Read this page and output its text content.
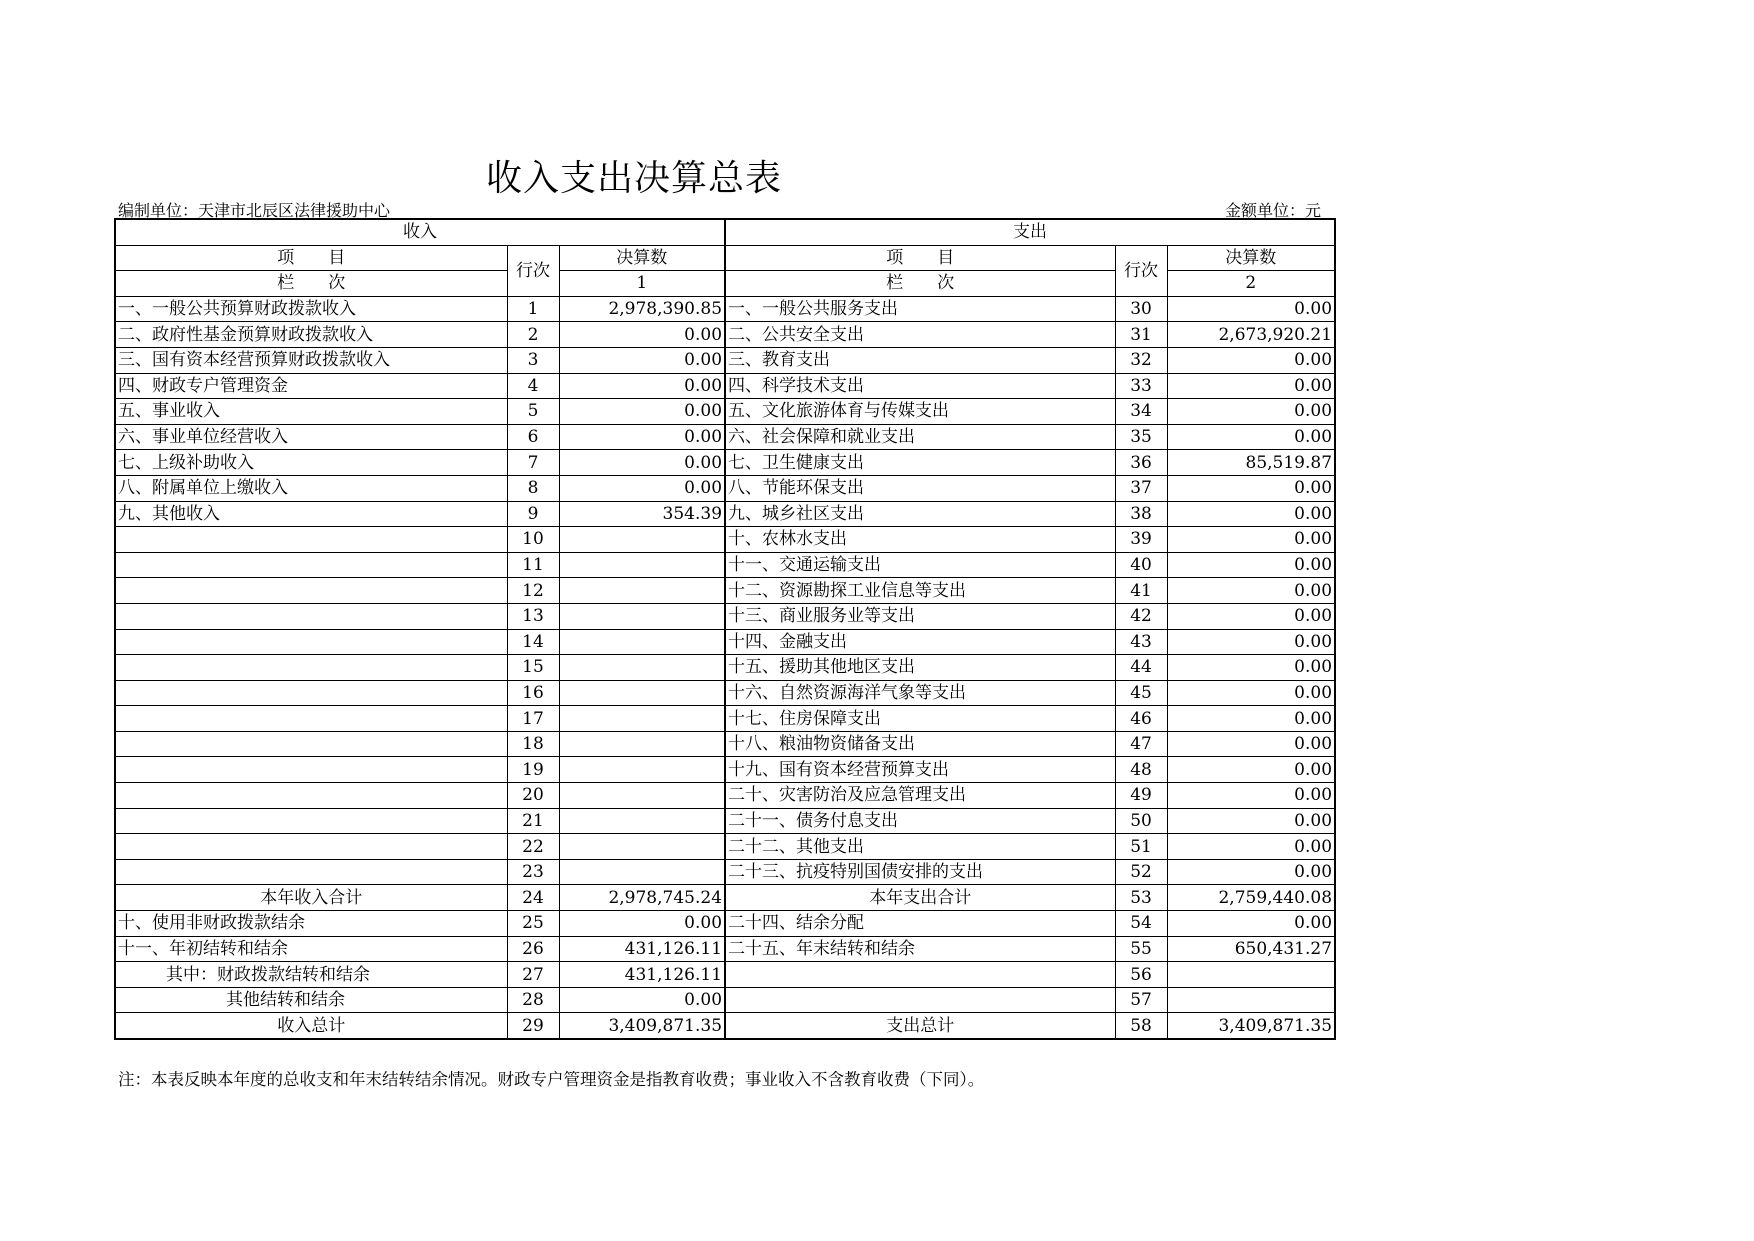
收入支出决算总表
编制单位：天津市北辰区法律援助中心	金额单位：元
收入			支出		
项　　目	行次	决算数	项　　目	行次	决算数
栏　　次		1	栏　　次		2
一、一般公共预算财政拨款收入	1	2,978,390.85	一、一般公共服务支出	30	0.00
二、政府性基金预算财政拨款收入	2	0.00	二、公共安全支出	31	2,673,920.21
三、国有资本经营预算财政拨款收入	3	0.00	三、教育支出	32	0.00
四、财政专户管理资金	4	0.00	四、科学技术支出	33	0.00
五、事业收入	5	0.00	五、文化旅游体育与传媒支出	34	0.00
六、事业单位经营收入	6	0.00	六、社会保障和就业支出	35	0.00
七、上级补助收入	7	0.00	七、卫生健康支出	36	85,519.87
八、附属单位上缴收入	8	0.00	八、节能环保支出	37	0.00
九、其他收入	9	354.39	九、城乡社区支出	38	0.00
	10		十、农林水支出	39	0.00
	11		十一、交通运输支出	40	0.00
	12		十二、资源勘探工业信息等支出	41	0.00
	13		十三、商业服务业等支出	42	0.00
	14		十四、金融支出	43	0.00
	15		十五、援助其他地区支出	44	0.00
	16		十六、自然资源海洋气象等支出	45	0.00
	17		十七、住房保障支出	46	0.00
	18		十八、粮油物资储备支出	47	0.00
	19		十九、国有资本经营预算支出	48	0.00
	20		二十、灾害防治及应急管理支出	49	0.00
	21		二十一、债务付息支出	50	0.00
	22		二十二、其他支出	51	0.00
	23		二十三、抗疫特别国债安排的支出	52	0.00
本年收入合计	24	2,978,745.24	本年支出合计	53	2,759,440.08
十、使用非财政拨款结余	25	0.00	二十四、结余分配	54	0.00
十一、年初结转和结余	26	431,126.11	二十五、年末结转和结余	55	650,431.27
其中：财政拨款结转和结余	27	431,126.11		56	
其他结转和结余	28	0.00		57	
收入总计	29	3,409,871.35	支出总计	58	3,409,871.35
注：本表反映本年度的总收支和年末结转结余情况。财政专户管理资金是指教育收费；事业收入不含教育收费（下同）。
